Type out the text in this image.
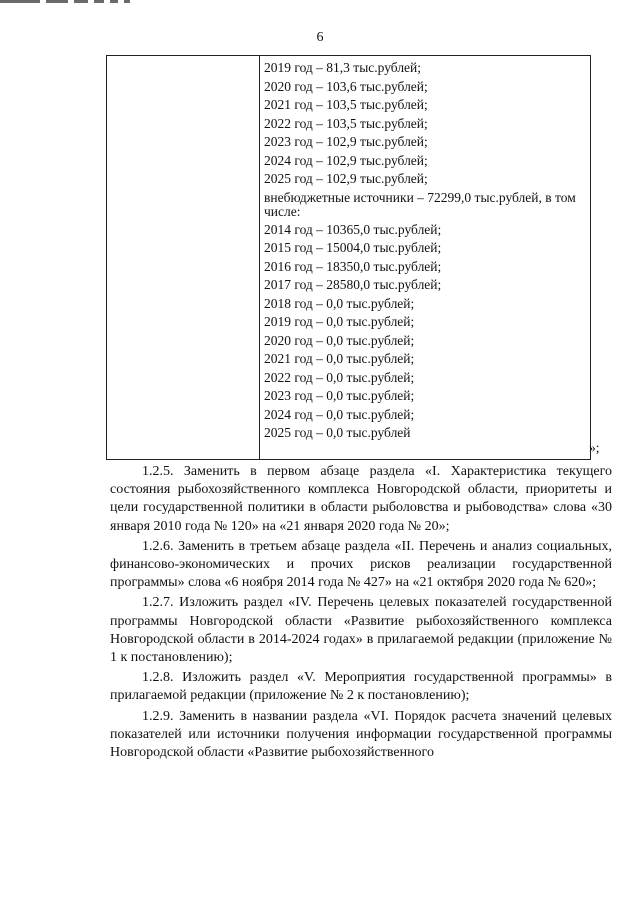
6

2019 год – 81,3 тыс.рублей;
2020 год – 103,6 тыс.рублей;
2021 год – 103,5 тыс.рублей;
2022 год – 103,5 тыс.рублей;
2023 год – 102,9 тыс.рублей;
2024 год – 102,9 тыс.рублей;
2025 год – 102,9 тыс.рублей;
внебюджетные источники – 72299,0 тыс.рублей, в том числе:
2014 год – 10365,0 тыс.рублей;
2015 год – 15004,0 тыс.рублей;
2016 год – 18350,0 тыс.рублей;
2017 год – 28580,0 тыс.рублей;
2018 год – 0,0 тыс.рублей;
2019 год – 0,0 тыс.рублей;
2020 год – 0,0 тыс.рублей;
2021 год – 0,0 тыс.рублей;
2022 год – 0,0 тыс.рублей;
2023 год – 0,0 тыс.рублей;
2024 год – 0,0 тыс.рублей;
2025 год – 0,0 тыс.рублей
»;

1.2.5. Заменить в первом абзаце раздела «I. Характеристика текущего состояния рыбохозяйственного комплекса Новгородской области, приоритеты и цели государственной политики в области рыболовства и рыбоводства» слова «30 января 2010 года № 120» на «21 января 2020 года № 20»;

1.2.6. Заменить в третьем абзаце раздела «II. Перечень и анализ социальных, финансово-экономических и прочих рисков реализации государственной программы» слова «6 ноября 2014 года № 427» на «21 октября 2020 года № 620»;

1.2.7. Изложить раздел «IV. Перечень целевых показателей государственной программы Новгородской области «Развитие рыбохозяйственного комплекса Новгородской области в 2014-2024 годах» в прилагаемой редакции (приложение № 1 к постановлению);

1.2.8. Изложить раздел «V. Мероприятия государственной программы» в прилагаемой редакции (приложение № 2 к постановлению);

1.2.9. Заменить в названии раздела «VI. Порядок расчета значений целевых показателей или источники получения информации государственной программы Новгородской области «Развитие рыбохозяйственного
